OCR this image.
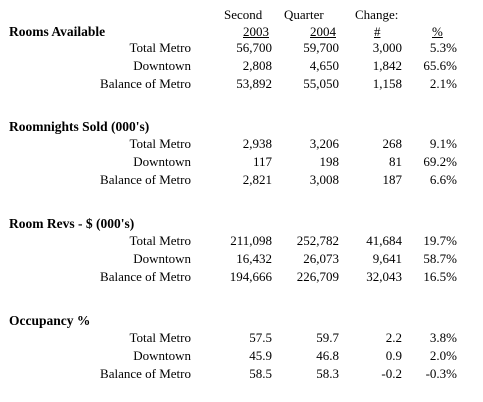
Second Quarter Change:
2003	2004	#	%
Rooms Available
Total Metro	56,700 59,700	3,000 5.3%
Downtown	2,808	4,650	1,842 65.6%
Balance of Metro	53,892 55,050	1,158 2.1%
Roomnights Sold (000's)
Total Metro	2,938	3,206	268 9.1%
Downtown	117	198	81 69.2%
Balance of Metro	2,821	3,008	187 6.6%
Room Revs - $ (000's)
Total Metro	211,098 252,782 41,684 19.7%
Downtown	16,432 26,073	9,641 58.7%
Balance of Metro	194,666 226,709 32,043 16.5%
Occupancy %
Total Metro	57.5	59.7	2.2 3.8%
Downtown	45.9	46.8	0.9 2.0%
Balance of Metro	58.5	58.3	-0.2 -0.3%
